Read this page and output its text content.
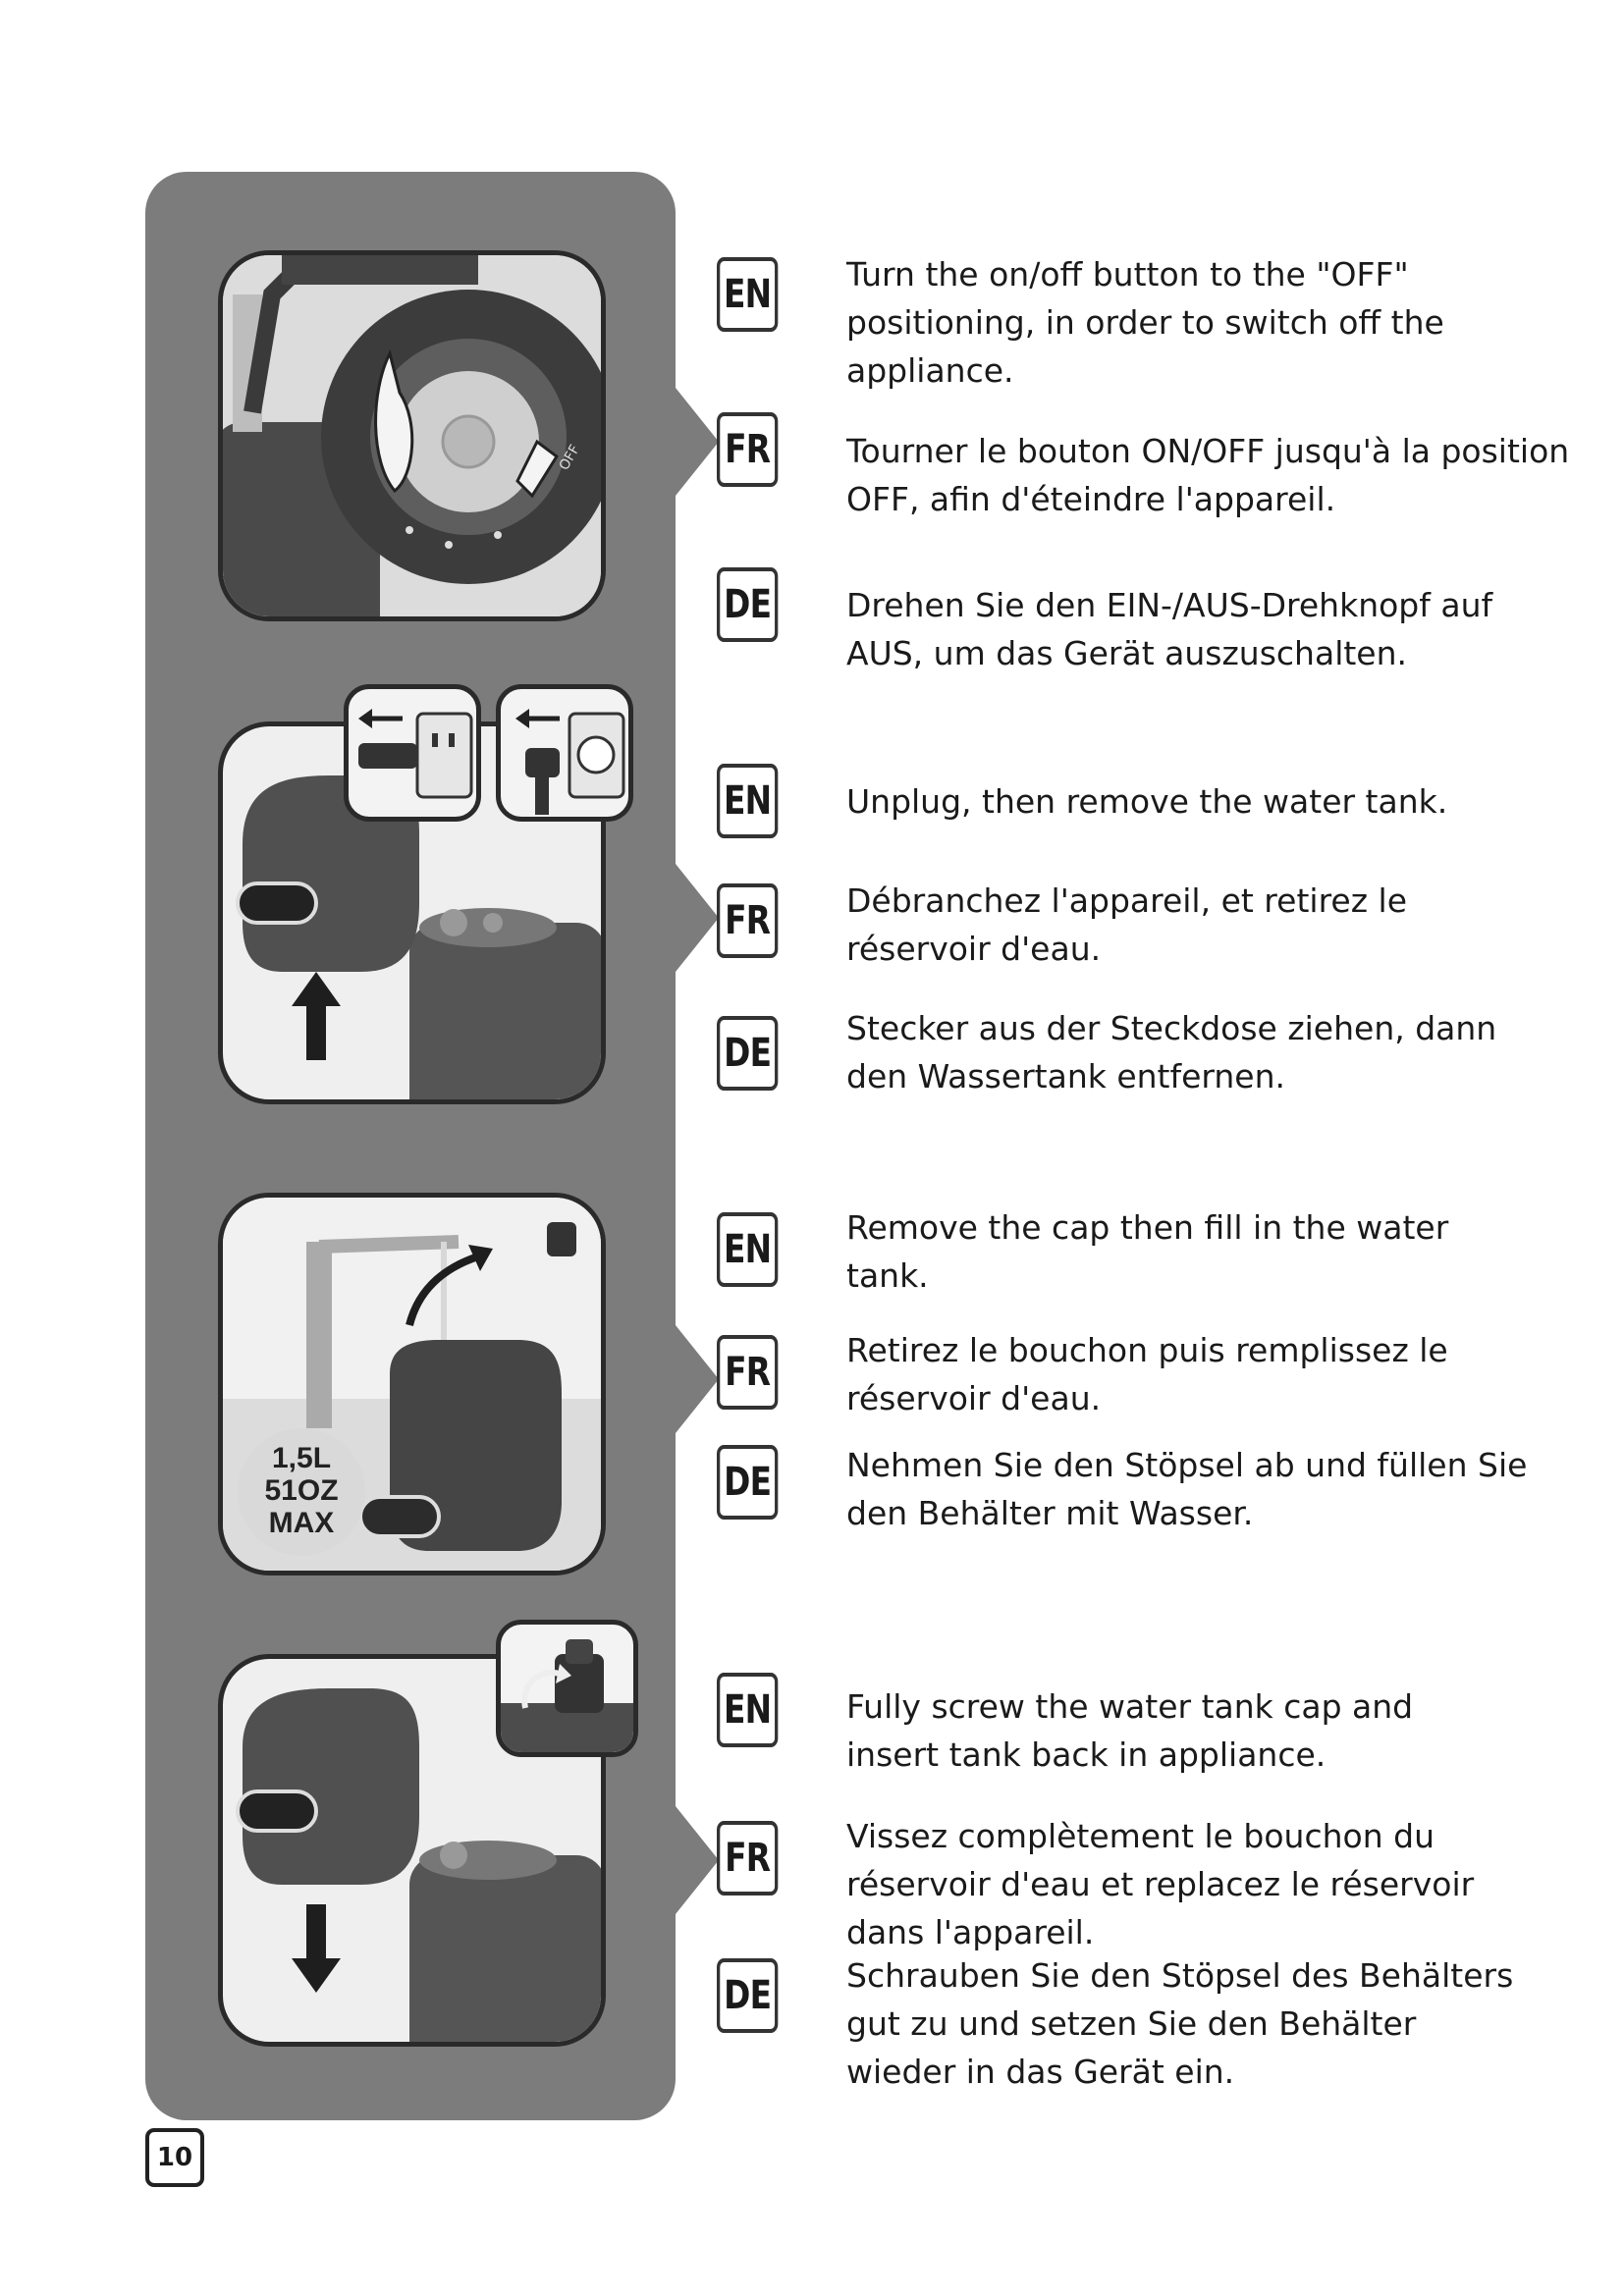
OFF
1,5L
51OZ
MAX
EN Turn the on/off button to the "OFF" positioning, in order to switch off the appliance.
FR Tourner le bouton ON/OFF jusqu'à la position OFF, afin d'éteindre l'appareil.
DE Drehen Sie den EIN-/AUS-Drehknopf auf AUS, um das Gerät auszuschalten.
EN Unplug, then remove the water tank.
FR Débranchez l'appareil, et retirez le réservoir d'eau.
DE
Stecker aus der Steckdose ziehen, dann den Wassertank entfernen.
EN Remove the cap then fill in the water tank.
FR Retirez le bouchon puis remplissez le réservoir d'eau.
DE Nehmen Sie den Stöpsel ab und füllen Sie den Behälter mit Wasser.
EN Fully screw the water tank cap and insert tank back in appliance.
FR Vissez complètement le bouchon du réservoir d'eau et replacez le réservoir dans l'appareil.
DE Schrauben Sie den Stöpsel des Behälters gut zu und setzen Sie den Behälter wieder in das Gerät ein.
10
